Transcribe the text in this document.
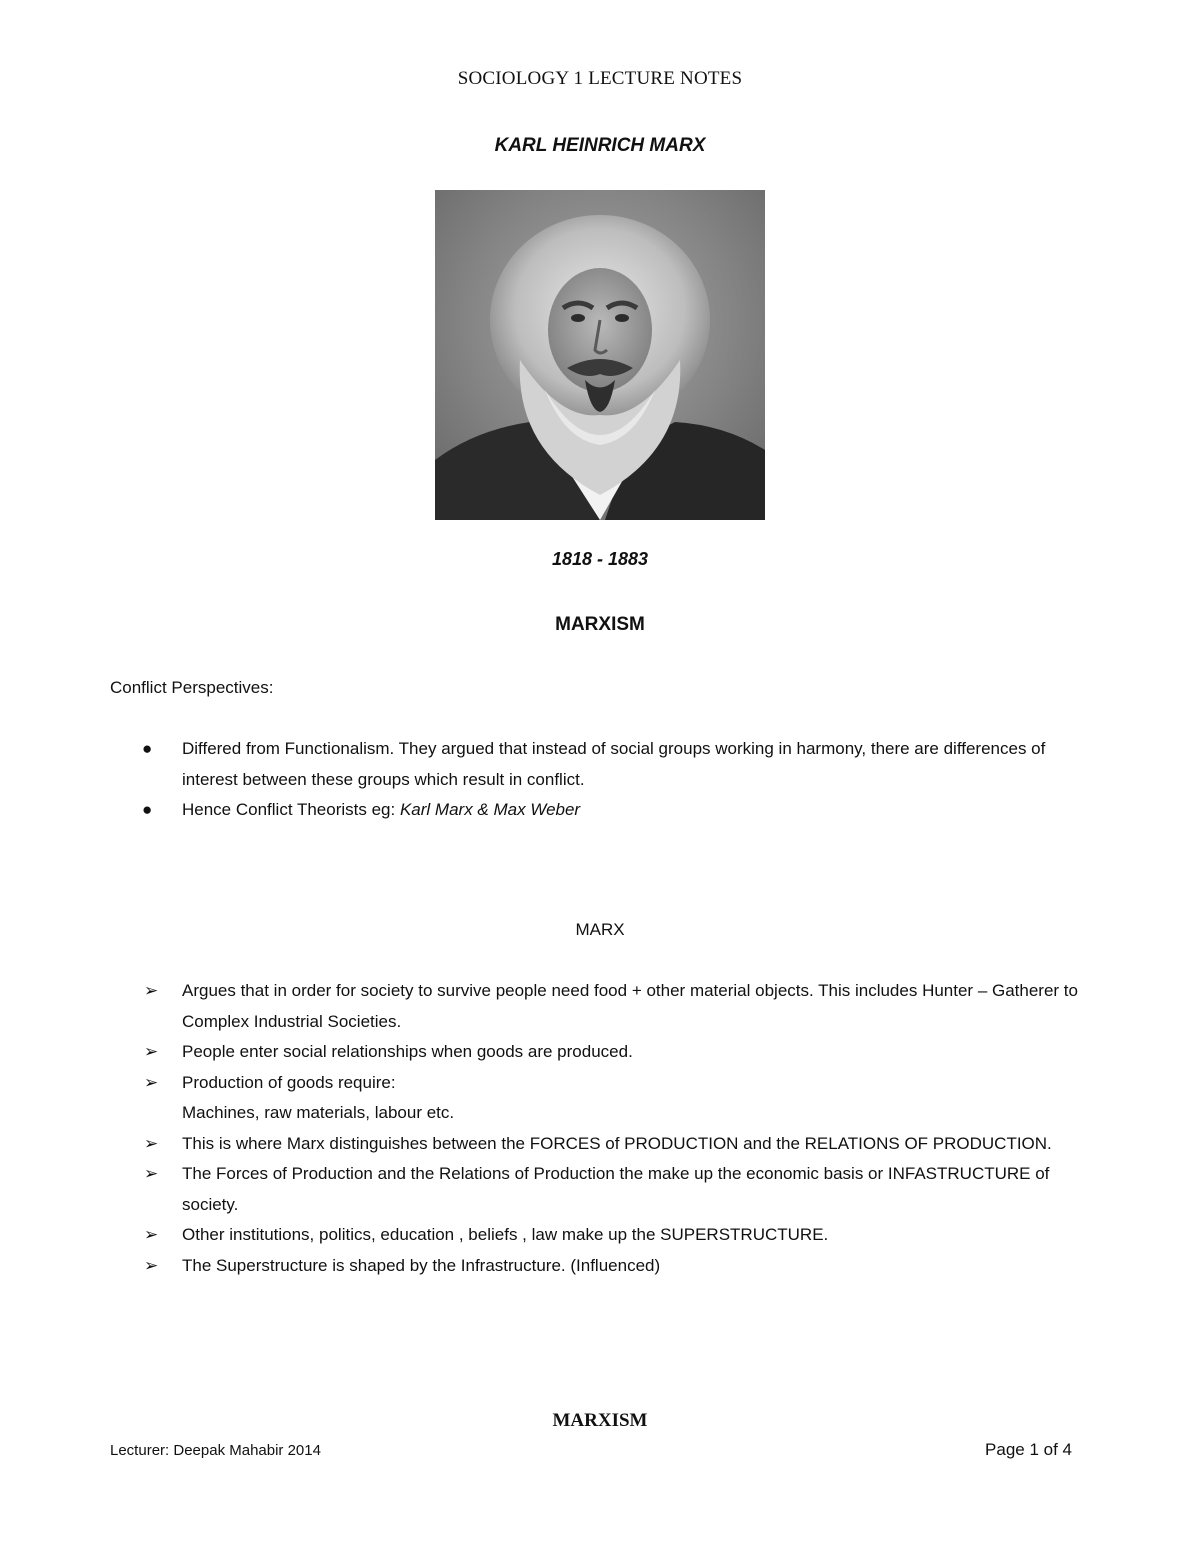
SOCIOLOGY 1 LECTURE NOTES
KARL HEINRICH MARX
1818 - 1883
MARXISM
Conflict Perspectives:
● Differed from Functionalism. They argued that instead of social groups working in harmony, there are differences of interest between these groups which result in conflict.
● Hence Conflict Theorists eg: Karl Marx & Max Weber
MARX
➢ Argues that in order for society to survive people need food + other material objects. This includes Hunter – Gatherer to Complex Industrial Societies.
➢ People enter social relationships when goods are produced.
➢ Production of goods require:
Machines, raw materials, labour etc.
➢ This is where Marx distinguishes between the FORCES of PRODUCTION and the RELATIONS OF PRODUCTION.
➢ The Forces of Production and the Relations of Production the make up the economic basis or INFASTRUCTURE of society.
➢ Other institutions, politics, education , beliefs , law make up the SUPERSTRUCTURE.
➢ The Superstructure is shaped by the Infrastructure. (Influenced)
MARXISM
Lecturer: Deepak Mahabir 2014	Page 1 of 4
